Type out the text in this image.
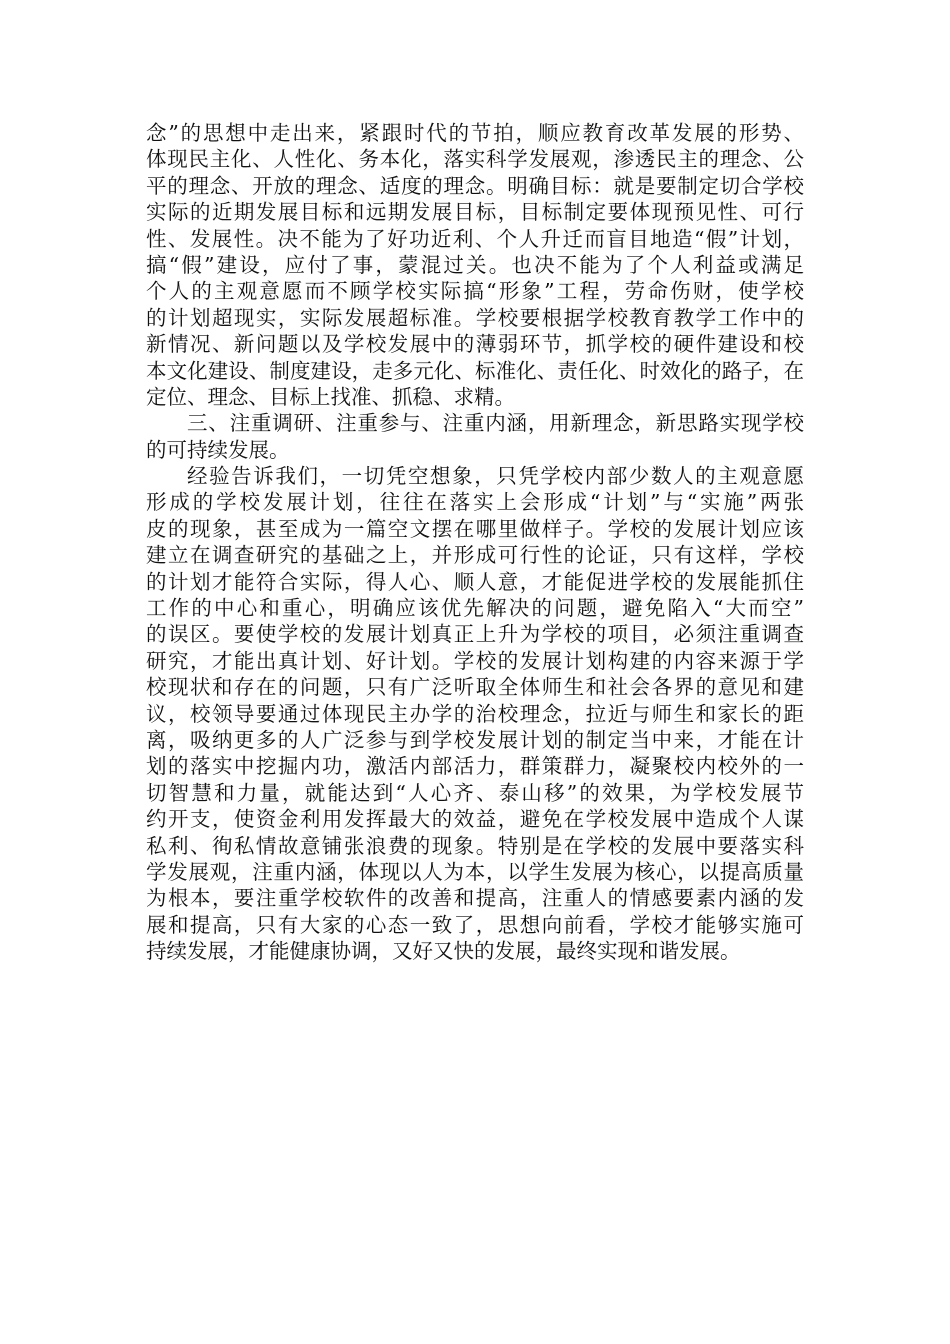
念”的思想中走出来，紧跟时代的节拍，顺应教育改革发展的形势、
体现民主化、人性化、务本化，落实科学发展观，渗透民主的理念、公
平的理念、开放的理念、适度的理念。明确目标：就是要制定切合学校
实际的近期发展目标和远期发展目标，目标制定要体现预见性、可行
性、发展性。决不能为了好功近利、个人升迁而盲目地造“假”计划，
搞“假”建设，应付了事，蒙混过关。也决不能为了个人利益或满足
个人的主观意愿而不顾学校实际搞“形象”工程，劳命伤财，使学校
的计划超现实，实际发展超标准。学校要根据学校教育教学工作中的
新情况、新问题以及学校发展中的薄弱环节，抓学校的硬件建设和校
本文化建设、制度建设，走多元化、标准化、责任化、时效化的路子，在
定位、理念、目标上找准、抓稳、求精。
三、注重调研、注重参与、注重内涵，用新理念，新思路实现学校
的可持续发展。
经验告诉我们，一切凭空想象，只凭学校内部少数人的主观意愿
形成的学校发展计划，往往在落实上会形成“计划”与“实施”两张
皮的现象，甚至成为一篇空文摆在哪里做样子。学校的发展计划应该
建立在调查研究的基础之上，并形成可行性的论证，只有这样，学校
的计划才能符合实际，得人心、顺人意，才能促进学校的发展能抓住
工作的中心和重心，明确应该优先解决的问题，避免陷入“大而空”
的误区。要使学校的发展计划真正上升为学校的项目，必须注重调查
研究，才能出真计划、好计划。学校的发展计划构建的内容来源于学
校现状和存在的问题，只有广泛听取全体师生和社会各界的意见和建
议，校领导要通过体现民主办学的治校理念，拉近与师生和家长的距
离，吸纳更多的人广泛参与到学校发展计划的制定当中来，才能在计
划的落实中挖掘内功，激活内部活力，群策群力，凝聚校内校外的一
切智慧和力量，就能达到“人心齐、泰山移”的效果，为学校发展节
约开支，使资金利用发挥最大的效益，避免在学校发展中造成个人谋
私利、徇私情故意铺张浪费的现象。特别是在学校的发展中要落实科
学发展观，注重内涵，体现以人为本，以学生发展为核心，以提高质量
为根本，要注重学校软件的改善和提高，注重人的情感要素内涵的发
展和提高，只有大家的心态一致了，思想向前看，学校才能够实施可
持续发展，才能健康协调，又好又快的发展，最终实现和谐发展。
